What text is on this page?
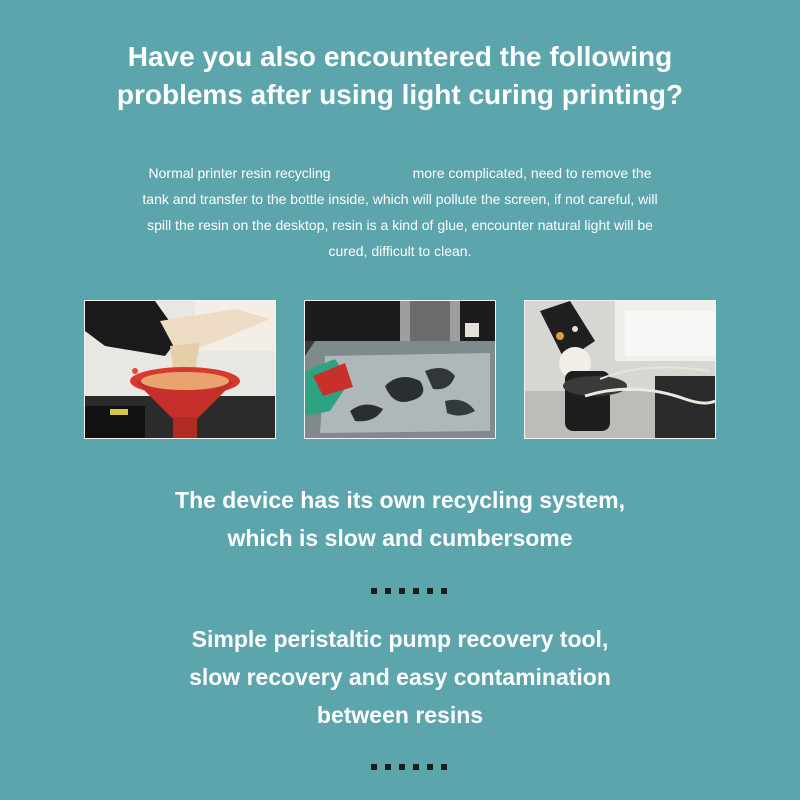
Have you also encountered the following
problems after using light curing printing?

Normal printer resin recycling	more complicated, need to remove the tank and transfer to the bottle inside, which will pollute the screen, if not careful, will spill the resin on the desktop, resin is a kind of glue, encounter natural light will be cured, difficult to clean.

The device has its own recycling system,
which is slow and cumbersome

Simple peristaltic pump recovery tool,
slow recovery and easy contamination
between resins
